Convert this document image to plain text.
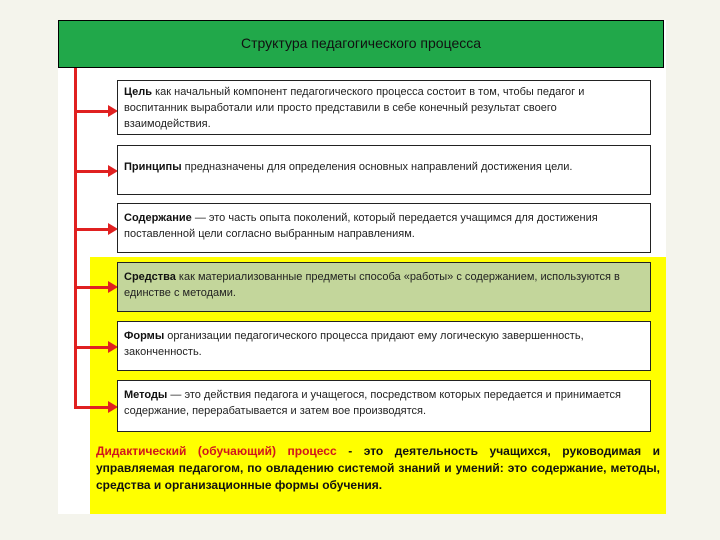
Структура педагогического процесса
Цель как начальный компонент педагогического процесса состоит в том, чтобы педагог и воспитанник выработали или просто представили в себе конечный результат своего взаимодействия.
Принципы предназначены для определения основных направлений достижения цели.
Содержание — это часть опыта поколений, который передается учащимся для достижения поставленной цели согласно выбранным направлениям.
Средства как материализованные предметы способа «работы» с содержанием, используются в единстве с методами.
Формы организации педагогического процесса придают ему логическую завершенность, законченность.
Методы — это действия педагога и учащегося, посредством которых передается и принимается содержание, перерабатывается и затем вое производятся.
Дидактический (обучающий) процесс - это деятельность учащихся, руководимая и управляемая педагогом, по овладению системой знаний и умений: это содержание, методы, средства и организационные формы обучения.
